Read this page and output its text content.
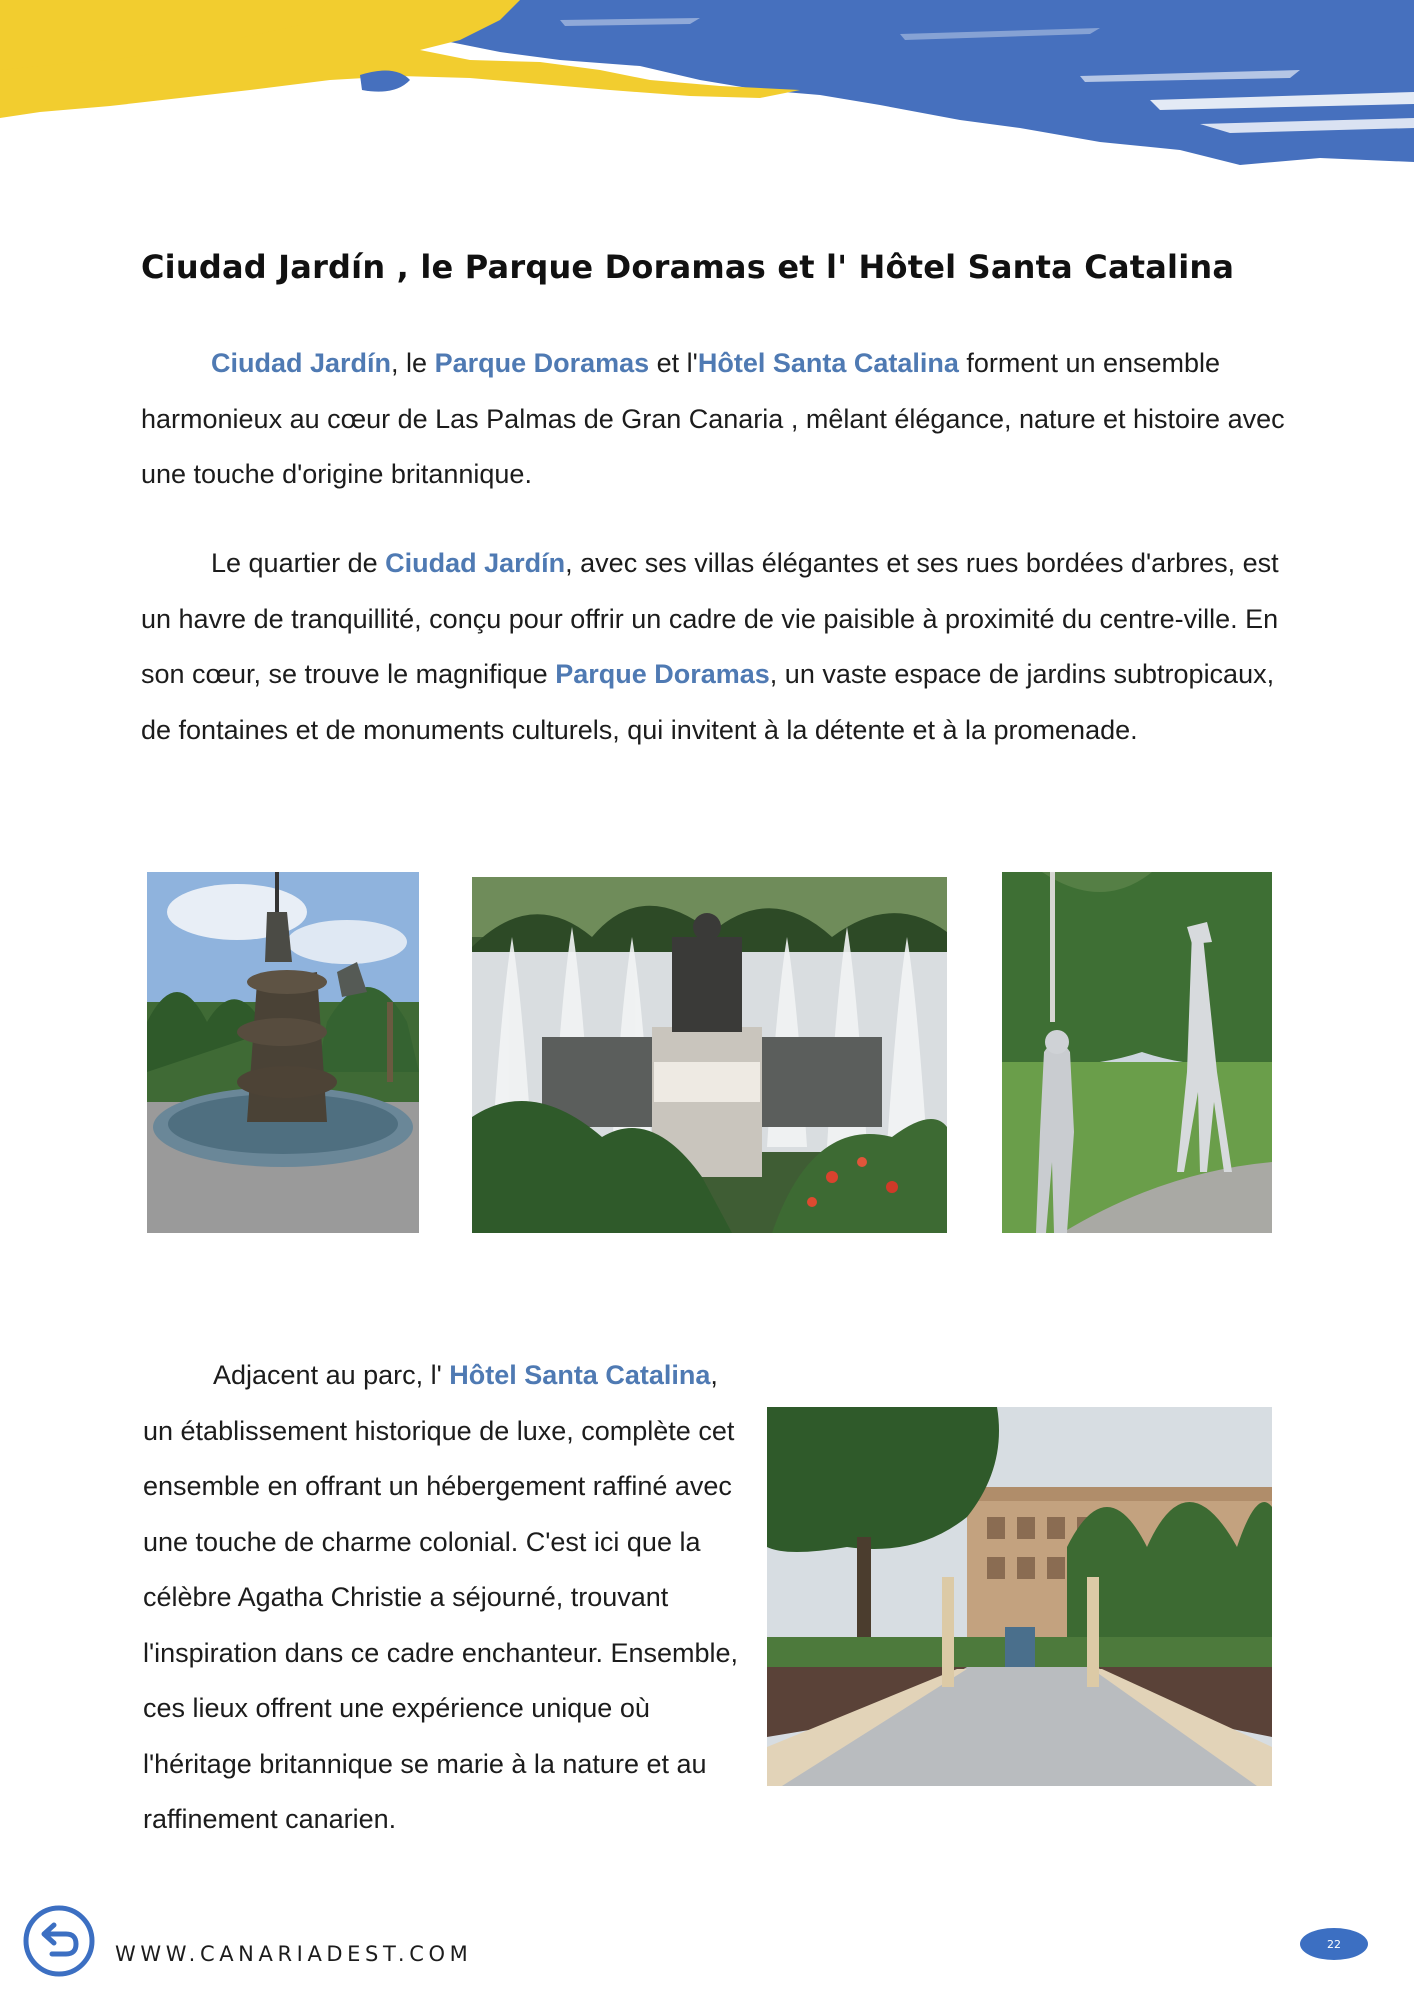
Ciudad Jardín , le Parque Doramas et l' Hôtel Santa Catalina

Ciudad Jardín, le Parque Doramas et l'Hôtel Santa Catalina forment un ensemble harmonieux au cœur de Las Palmas de Gran Canaria , mêlant élégance, nature et histoire avec une touche d'origine britannique.

Le quartier de Ciudad Jardín, avec ses villas élégantes et ses rues bordées d'arbres, est un havre de tranquillité, conçu pour offrir un cadre de vie paisible à proximité du centre-ville. En son cœur, se trouve le magnifique Parque Doramas, un vaste espace de jardins subtropicaux, de fontaines et de monuments culturels, qui invitent à la détente et à la promenade.

Adjacent au parc, l' Hôtel Santa Catalina, un établissement historique de luxe, complète cet ensemble en offrant un hébergement raffiné avec une touche de charme colonial. C'est ici que la célèbre Agatha Christie a séjourné, trouvant l'inspiration dans ce cadre enchanteur. Ensemble, ces lieux offrent une expérience unique où l'héritage britannique se marie à la nature et au raffinement canarien.

WWW.CANARIADEST.COM	22
